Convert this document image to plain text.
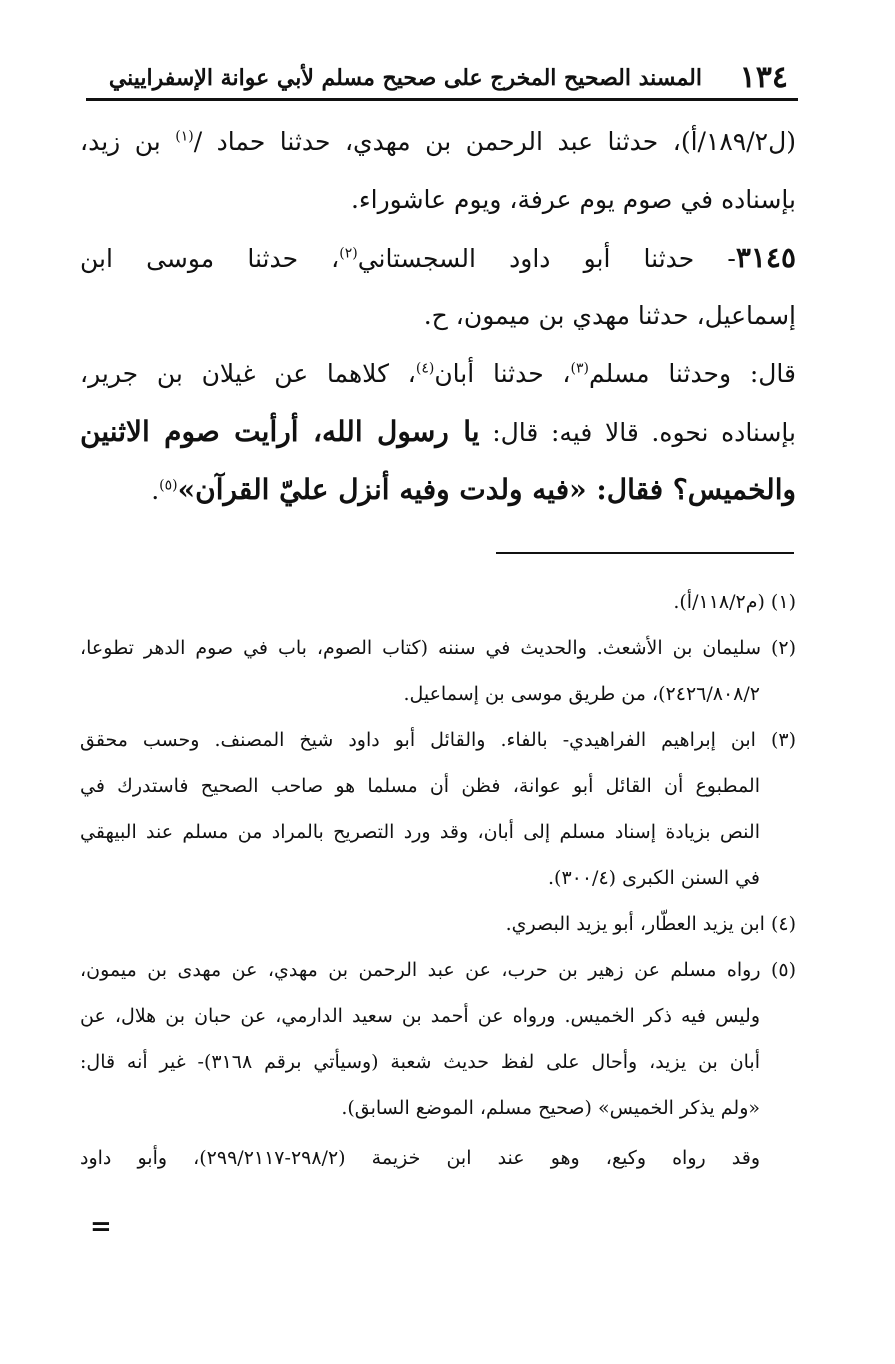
١٣٤
المسند الصحيح المخرج على صحيح مسلم لأبي عوانة الإسفراييني
(ل١٨٩/٢/أ)، حدثنا عبد الرحمن بن مهدي، حدثنا حماد /$^{(١)}$ بن زيد،
بإسناده في صوم يوم عرفة، ويوم عاشوراء.
٣١٤٥- حدثنا أبو داود السجستاني$^{(٢)}$، حدثنا موسى ابن
إسماعيل، حدثنا مهدي بن ميمون، ح.
قال: وحدثنا مسلم$^{(٣)}$، حدثنا أبان$^{(٤)}$، كلاهما عن غيلان بن جرير،
بإسناده نحوه. قالا فيه: قال: يا رسول الله، أرأيت صوم الاثنين
والخميس؟ فقال: «فيه ولدت وفيه أنزل عليّ القرآن»$^{(٥)}$.
(١) (م١١٨/٢/أ).
(٢) سليمان بن الأشعث. والحديث في سننه (كتاب الصوم، باب في صوم الدهر تطوعا،
٢٤٢٦/٨٠٨/٢)، من طريق موسى بن إسماعيل.
(٣) ابن إبراهيم الفراهيدي- بالفاء. والقائل أبو داود شيخ المصنف. وحسب محقق
المطبوع أن القائل أبو عوانة، فظن أن مسلما هو صاحب الصحيح فاستدرك في
النص بزيادة إسناد مسلم إلى أبان، وقد ورد التصريح بالمراد من مسلم عند البيهقي
في السنن الكبرى (٣٠٠/٤).
(٤) ابن يزيد العطّار، أبو يزيد البصري.
(٥) رواه مسلم عن زهير بن حرب، عن عبد الرحمن بن مهدي، عن مهدى بن ميمون،
وليس فيه ذكر الخميس. ورواه عن أحمد بن سعيد الدارمي، عن حبان بن هلال، عن
أبان بن يزيد، وأحال على لفظ حديث شعبة (وسيأتي برقم ٣١٦٨)- غير أنه قال:
«ولم يذكر الخميس» (صحيح مسلم، الموضع السابق).
وقد رواه وكيع، وهو عند ابن خزيمة (٢٩٨/٢-٢٩٩/٢١١٧)، وأبو داود
=
